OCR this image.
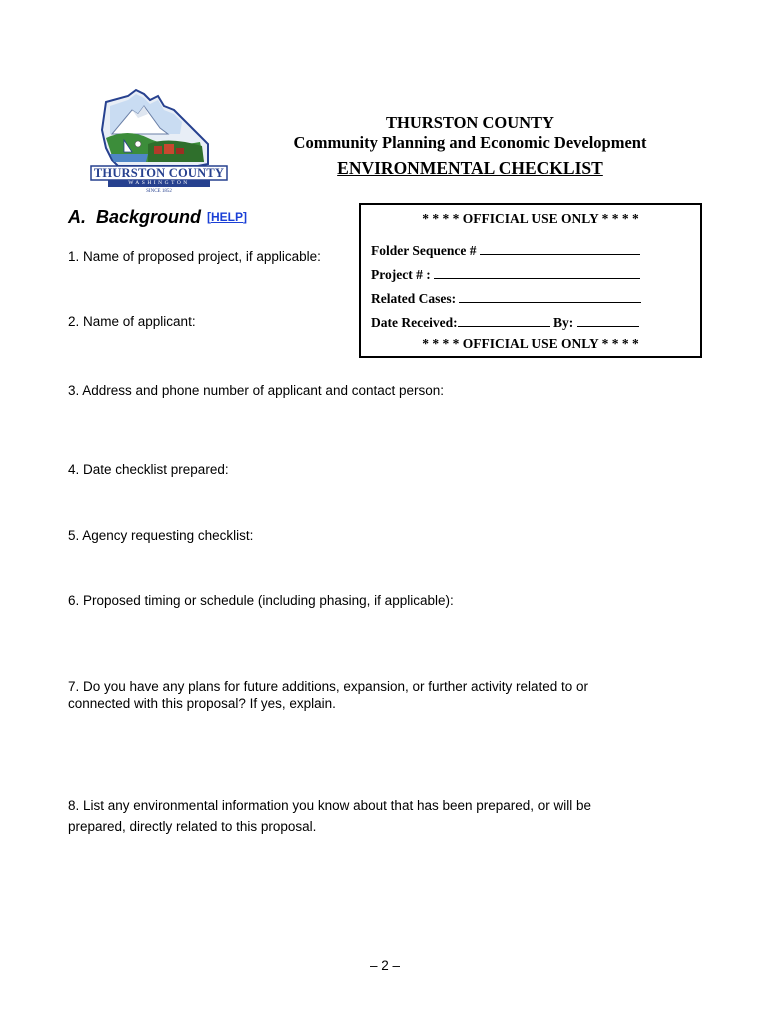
THURSTON COUNTY
WASHINGTON
SINCE 1852
THURSTON COUNTY
Community Planning and Economic Development
ENVIRONMENTAL CHECKLIST
A.  Background [HELP]	* * * * OFFICIAL USE ONLY * * * *
Folder Sequence #
Project # :
Related Cases:
Date Received:	By:
* * * * OFFICIAL USE ONLY * * * *
1. Name of proposed project, if applicable:
2. Name of applicant:
3. Address and phone number of applicant and contact person:
4. Date checklist prepared:
5. Agency requesting checklist:
6. Proposed timing or schedule (including phasing, if applicable):
7. Do you have any plans for future additions, expansion, or further activity related to or
connected with this proposal? If yes, explain.
8. List any environmental information you know about that has been prepared, or will be
prepared, directly related to this proposal.
– 2 –
